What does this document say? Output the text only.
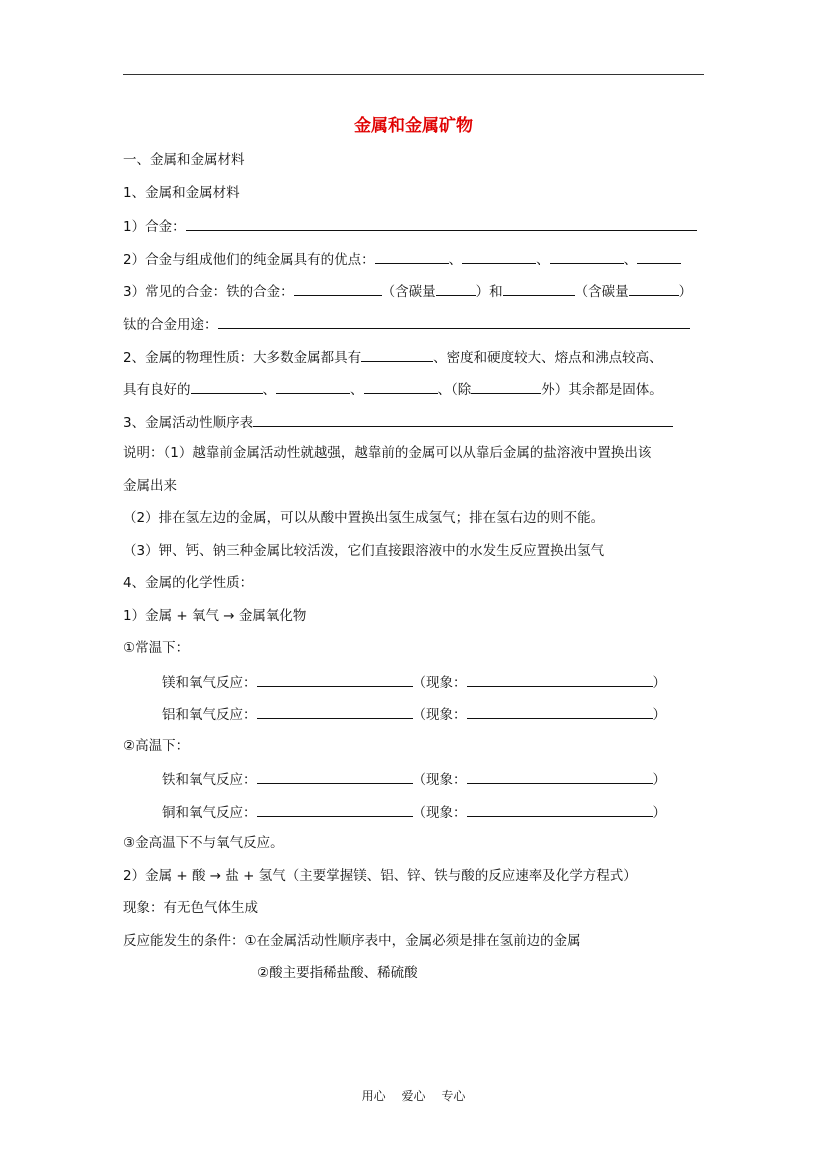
金属和金属矿物
一、金属和金属材料
1、金属和金属材料
1）合金：
2）合金与组成他们的纯金属具有的优点：	、	、	、
3）常见的合金：铁的合金：	（含碳量	）和	（含碳量	）
钛的合金用途：
2、金属的物理性质：大多数金属都具有	、密度和硬度较大、熔点和沸点较高、
具有良好的	、	、	、（除	外）其余都是固体。
3、金属活动性顺序表
说明：（1）越靠前金属活动性就越强，越靠前的金属可以从靠后金属的盐溶液中置换出该
金属出来
（2）排在氢左边的金属，可以从酸中置换出氢生成氢气；排在氢右边的则不能。
（3）钾、钙、钠三种金属比较活泼，它们直接跟溶液中的水发生反应置换出氢气
4、金属的化学性质：
1）金属 + 氧气 → 金属氧化物
①常温下：
镁和氧气反应：	（现象：	）
铝和氧气反应：	（现象：	）
②高温下：
铁和氧气反应：	（现象：	）
铜和氧气反应：	（现象：	）
③金高温下不与氧气反应。
2）金属 + 酸 → 盐 + 氢气（主要掌握镁、铝、锌、铁与酸的反应速率及化学方程式）
现象：有无色气体生成
反应能发生的条件：①在金属活动性顺序表中，金属必须是排在氢前边的金属
②酸主要指稀盐酸、稀硫酸
用心 爱心 专心
